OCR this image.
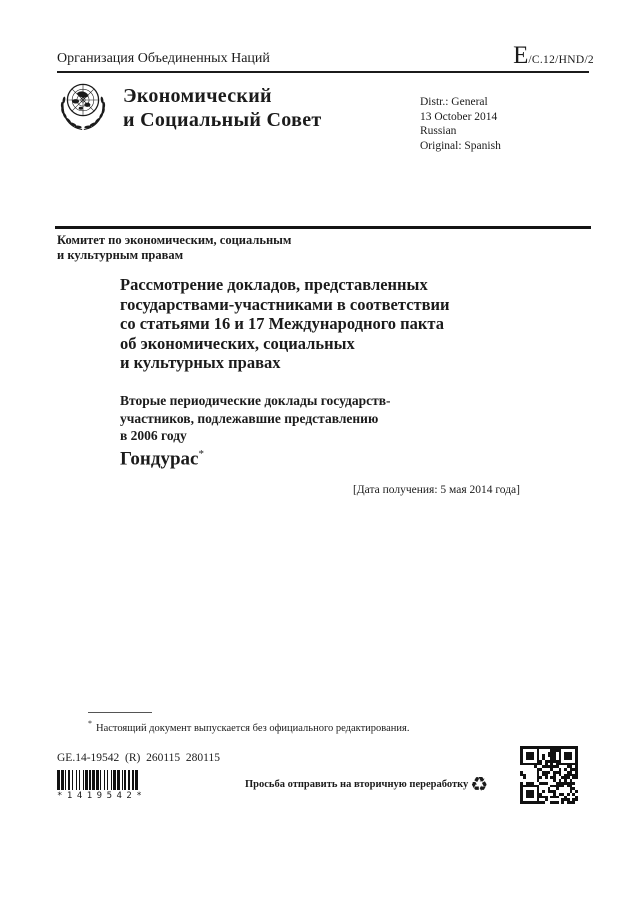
Организация Объединенных Наций	E /C.12/HND/2
Экономический
и Социальный Совет
Distr.: General
13 October 2014
Russian
Original: Spanish
Комитет по экономическим, социальным
и культурным правам
Рассмотрение докладов, представленных
государствами-участниками в соответствии
со статьями 16 и 17 Международного пакта
об экономических, социальных
и культурных правах
Вторые периодические доклады государств-
участников, подлежавшие представлению
в 2006 году
Гондурас*
[Дата получения: 5 мая 2014 года]
* Настоящий документ выпускается без официального редактирования.
GE.14-19542  (R)  260115  280115
*1419542*
Просьба отправить на вторичную переработку ♻
